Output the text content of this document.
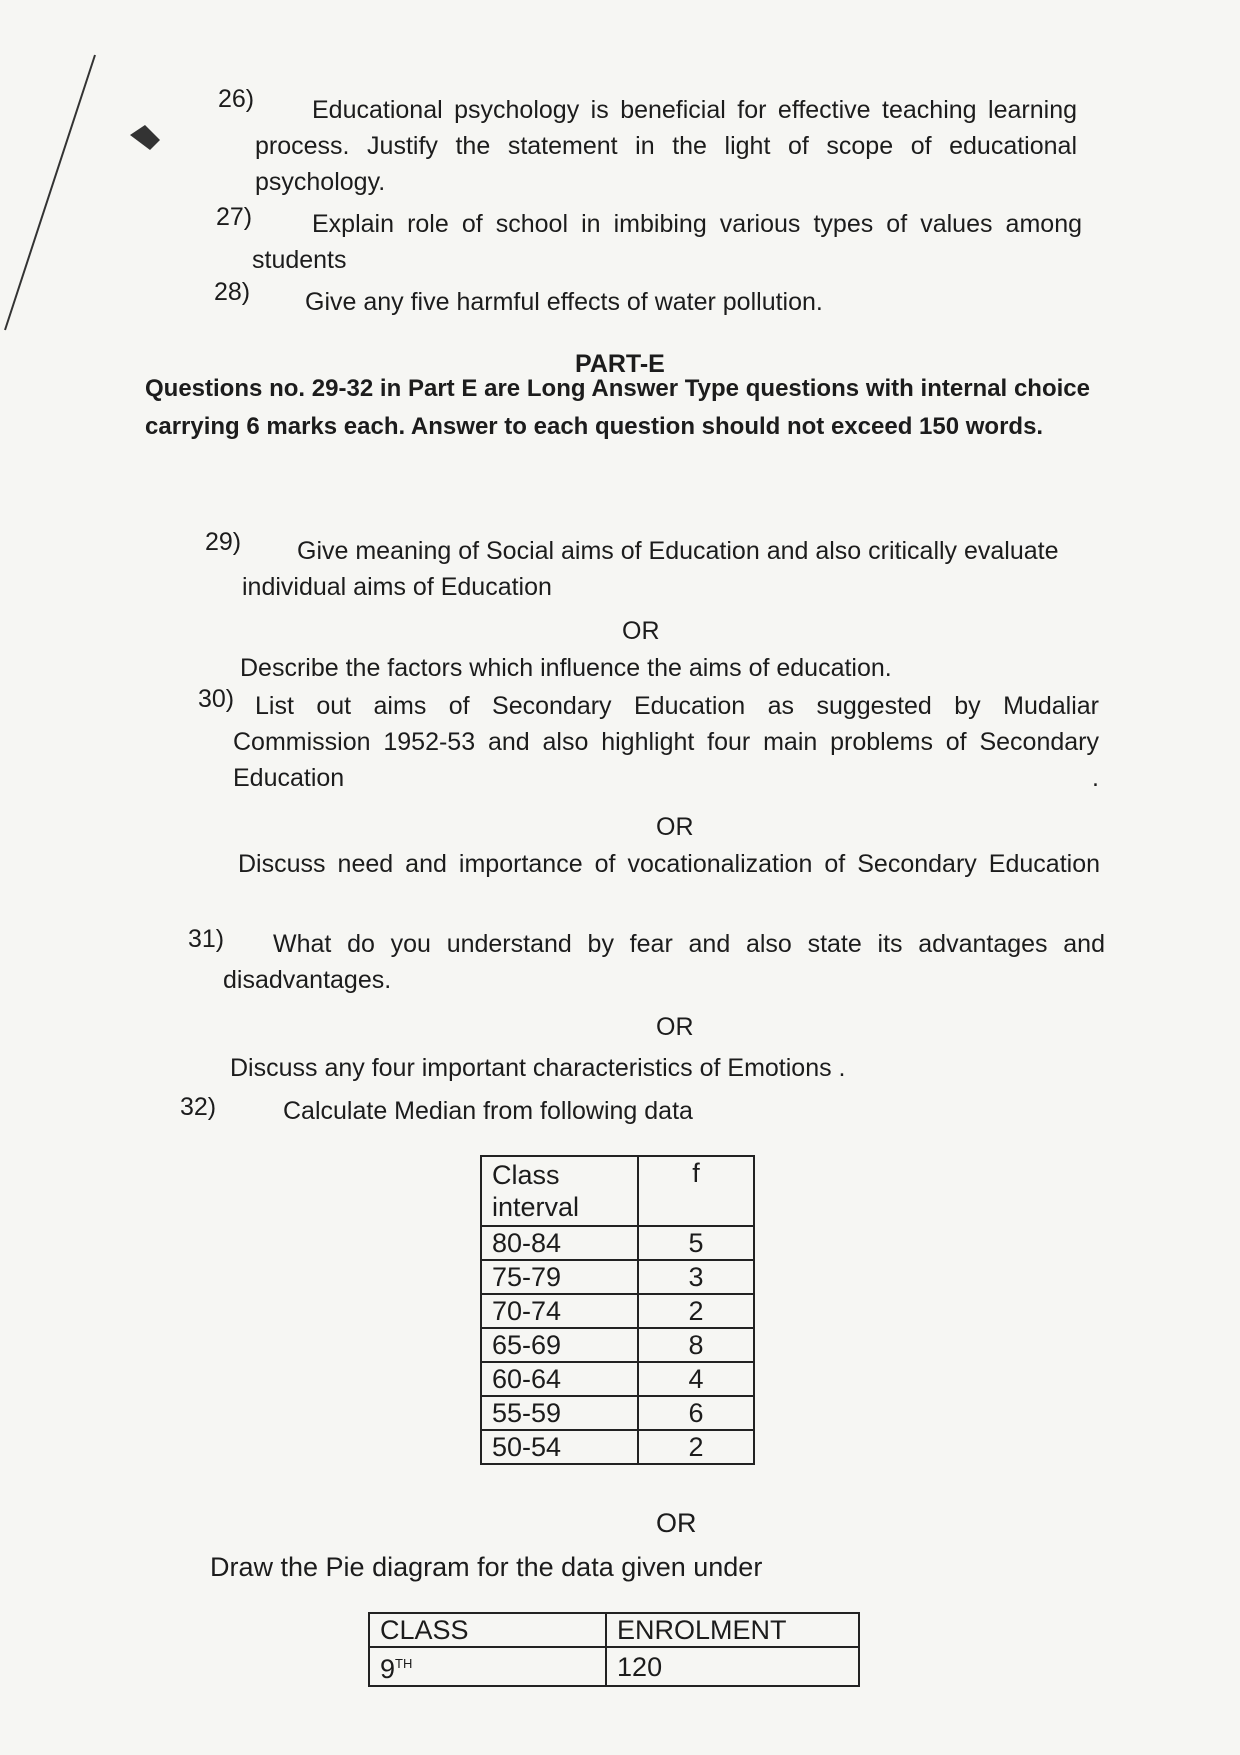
26)	Educational psychology is beneficial for effective teaching learning process. Justify the statement in the light of scope of educational psychology.
27)	Explain role of school in imbibing various types of values among students
28) Give any five harmful effects of water pollution.
PART-E
Questions no. 29-32 in Part E are Long Answer Type questions with internal choice carrying 6 marks each. Answer to each question should not exceed 150 words.
29)	Give meaning of Social aims of Education and also critically evaluate individual aims of Education
OR
Describe the factors which influence the aims of education.
30) List out aims of Secondary Education as suggested by Mudaliar Commission 1952-53 and also highlight four main problems of Secondary Education .
OR
Discuss need and importance of vocationalization of Secondary Education
31)	What do you understand by fear and also state its advantages and disadvantages.
OR
Discuss any four important characteristics of Emotions .
32)	Calculate Median from following data
Class interval	f
80-84	5
75-79	3
70-74	2
65-69	8
60-64	4
55-59	6
50-54	2
OR
Draw the Pie diagram for the data given under
CLASS	ENROLMENT
9TH	120
